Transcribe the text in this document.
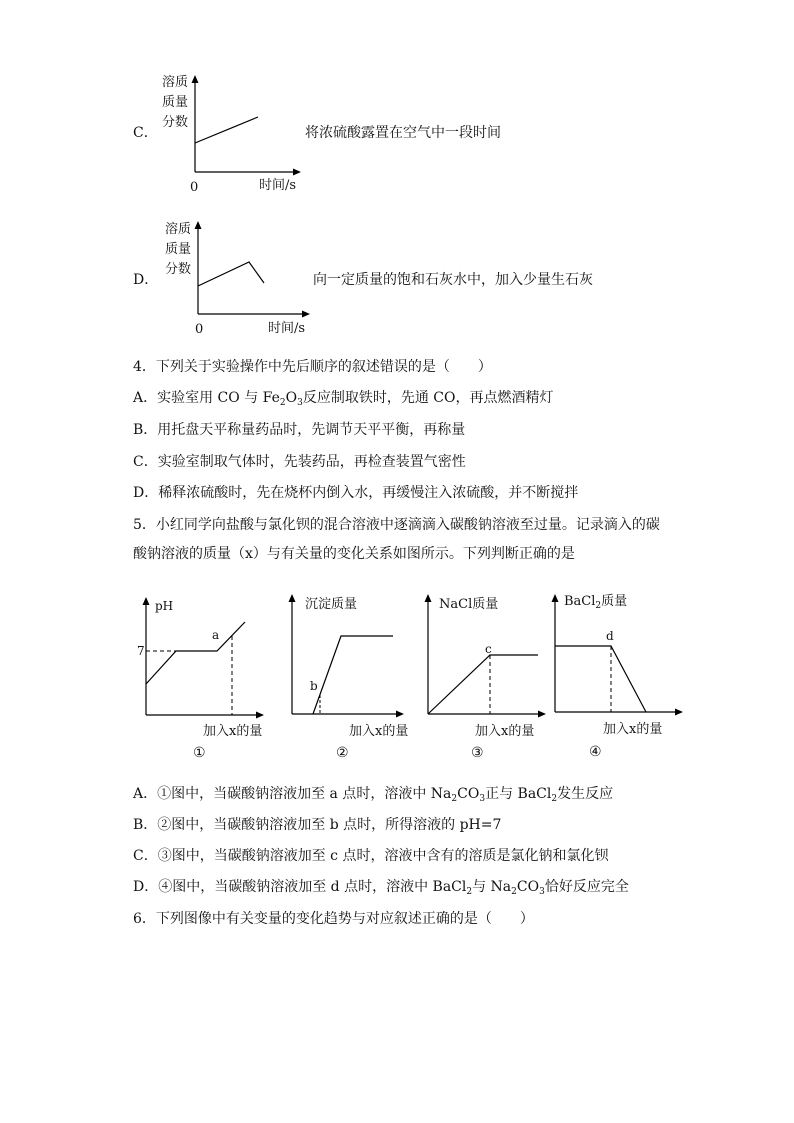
C．
溶质
质量
分数
0	时间/s
将浓硫酸露置在空气中一段时间
D．
溶质
质量
分数
0	时间/s
向一定质量的饱和石灰水中，加入少量生石灰
4．下列关于实验操作中先后顺序的叙述错误的是（　　）
A．实验室用 CO 与 $Fe_2O_3$反应制取铁时，先通 CO，再点燃酒精灯
B．用托盘天平称量药品时，先调节天平平衡，再称量
C．实验室制取气体时，先装药品，再检查装置气密性
D．稀释浓硫酸时，先在烧杯内倒入水，再缓慢注入浓硫酸，并不断搅拌
5．小红同学向盐酸与氯化钡的混合溶液中逐滴滴入碳酸钠溶液至过量。记录滴入的碳
酸钠溶液的质量（x）与有关量的变化关系如图所示。下列判断正确的是
pH
7
a
加入x的量
①
沉淀质量
b
加入x的量
②
NaCl质量
c
加入x的量
③
BaCl$_2$质量
d
加入x的量
④
A．①图中，当碳酸钠溶液加至 a 点时，溶液中 $Na_2CO_3$正与 BaCl$_2$发生反应
B．②图中，当碳酸钠溶液加至 b 点时，所得溶液的 pH=7
C．③图中，当碳酸钠溶液加至 c 点时，溶液中含有的溶质是氯化钠和氯化钡
D．④图中，当碳酸钠溶液加至 d 点时，溶液中 BaCl$_2$与 $Na_2CO_3$恰好反应完全
6．下列图像中有关变量的变化趋势与对应叙述正确的是（　　）
